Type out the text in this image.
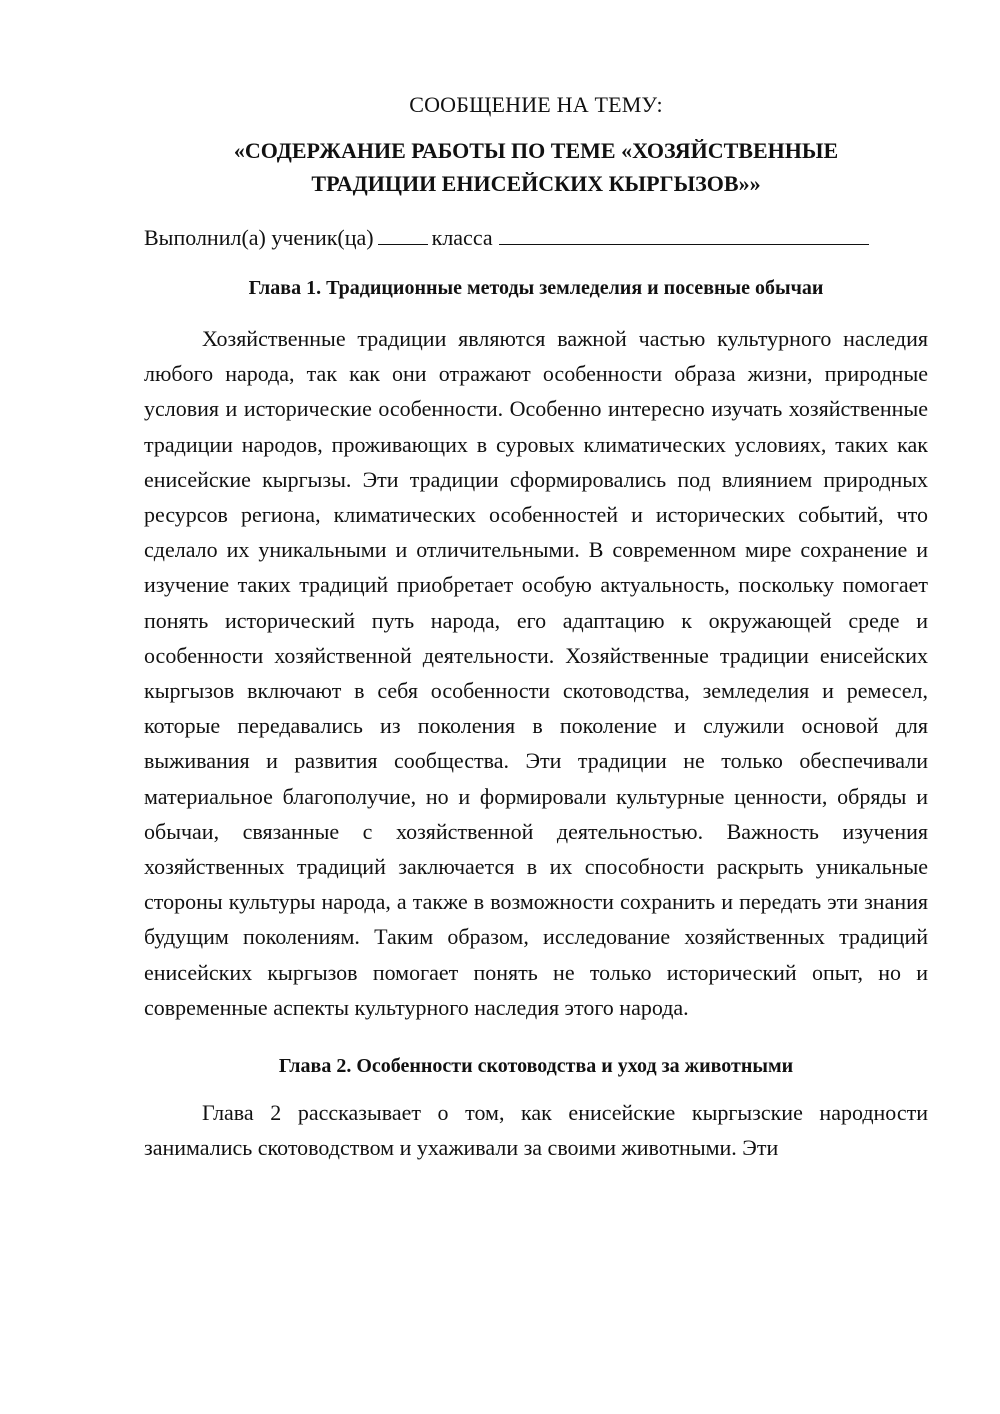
СООБЩЕНИЕ НА ТЕМУ:

«СОДЕРЖАНИЕ РАБОТЫ ПО ТЕМЕ «ХОЗЯЙСТВЕННЫЕ
ТРАДИЦИИ ЕНИСЕЙСКИХ КЫРГЫЗОВ»»
Выполнил(а) ученик(ца)	класса
Глава 1. Традиционные методы земледелия и посевные обычаи

Хозяйственные традиции являются важной частью культурного наследия любого народа, так как они отражают особенности образа жизни, природные условия и исторические особенности. Особенно интересно изучать хозяйственные традиции народов, проживающих в суровых климатических условиях, таких как енисейские кыргызы. Эти традиции сформировались под влиянием природных ресурсов региона, климатических особенностей и исторических событий, что сделало их уникальными и отличительными. В современном мире сохранение и изучение таких традиций приобретает особую актуальность, поскольку помогает понять исторический путь народа, его адаптацию к окружающей среде и особенности хозяйственной деятельности. Хозяйственные традиции енисейских кыргызов включают в себя особенности скотоводства, земледелия и ремесел, которые передавались из поколения в поколение и служили основой для выживания и развития сообщества. Эти традиции не только обеспечивали материальное благополучие, но и формировали культурные ценности, обряды и обычаи, связанные с хозяйственной деятельностью. Важность изучения хозяйственных традиций заключается в их способности раскрыть уникальные стороны культуры народа, а также в возможности сохранить и передать эти знания будущим поколениям. Таким образом, исследование хозяйственных традиций енисейских кыргызов помогает понять не только исторический опыт, но и современные аспекты культурного наследия этого народа.

Глава 2. Особенности скотоводства и уход за животными

Глава 2 рассказывает о том, как енисейские кыргызские народности занимались скотоводством и ухаживали за своими животными. Эти
